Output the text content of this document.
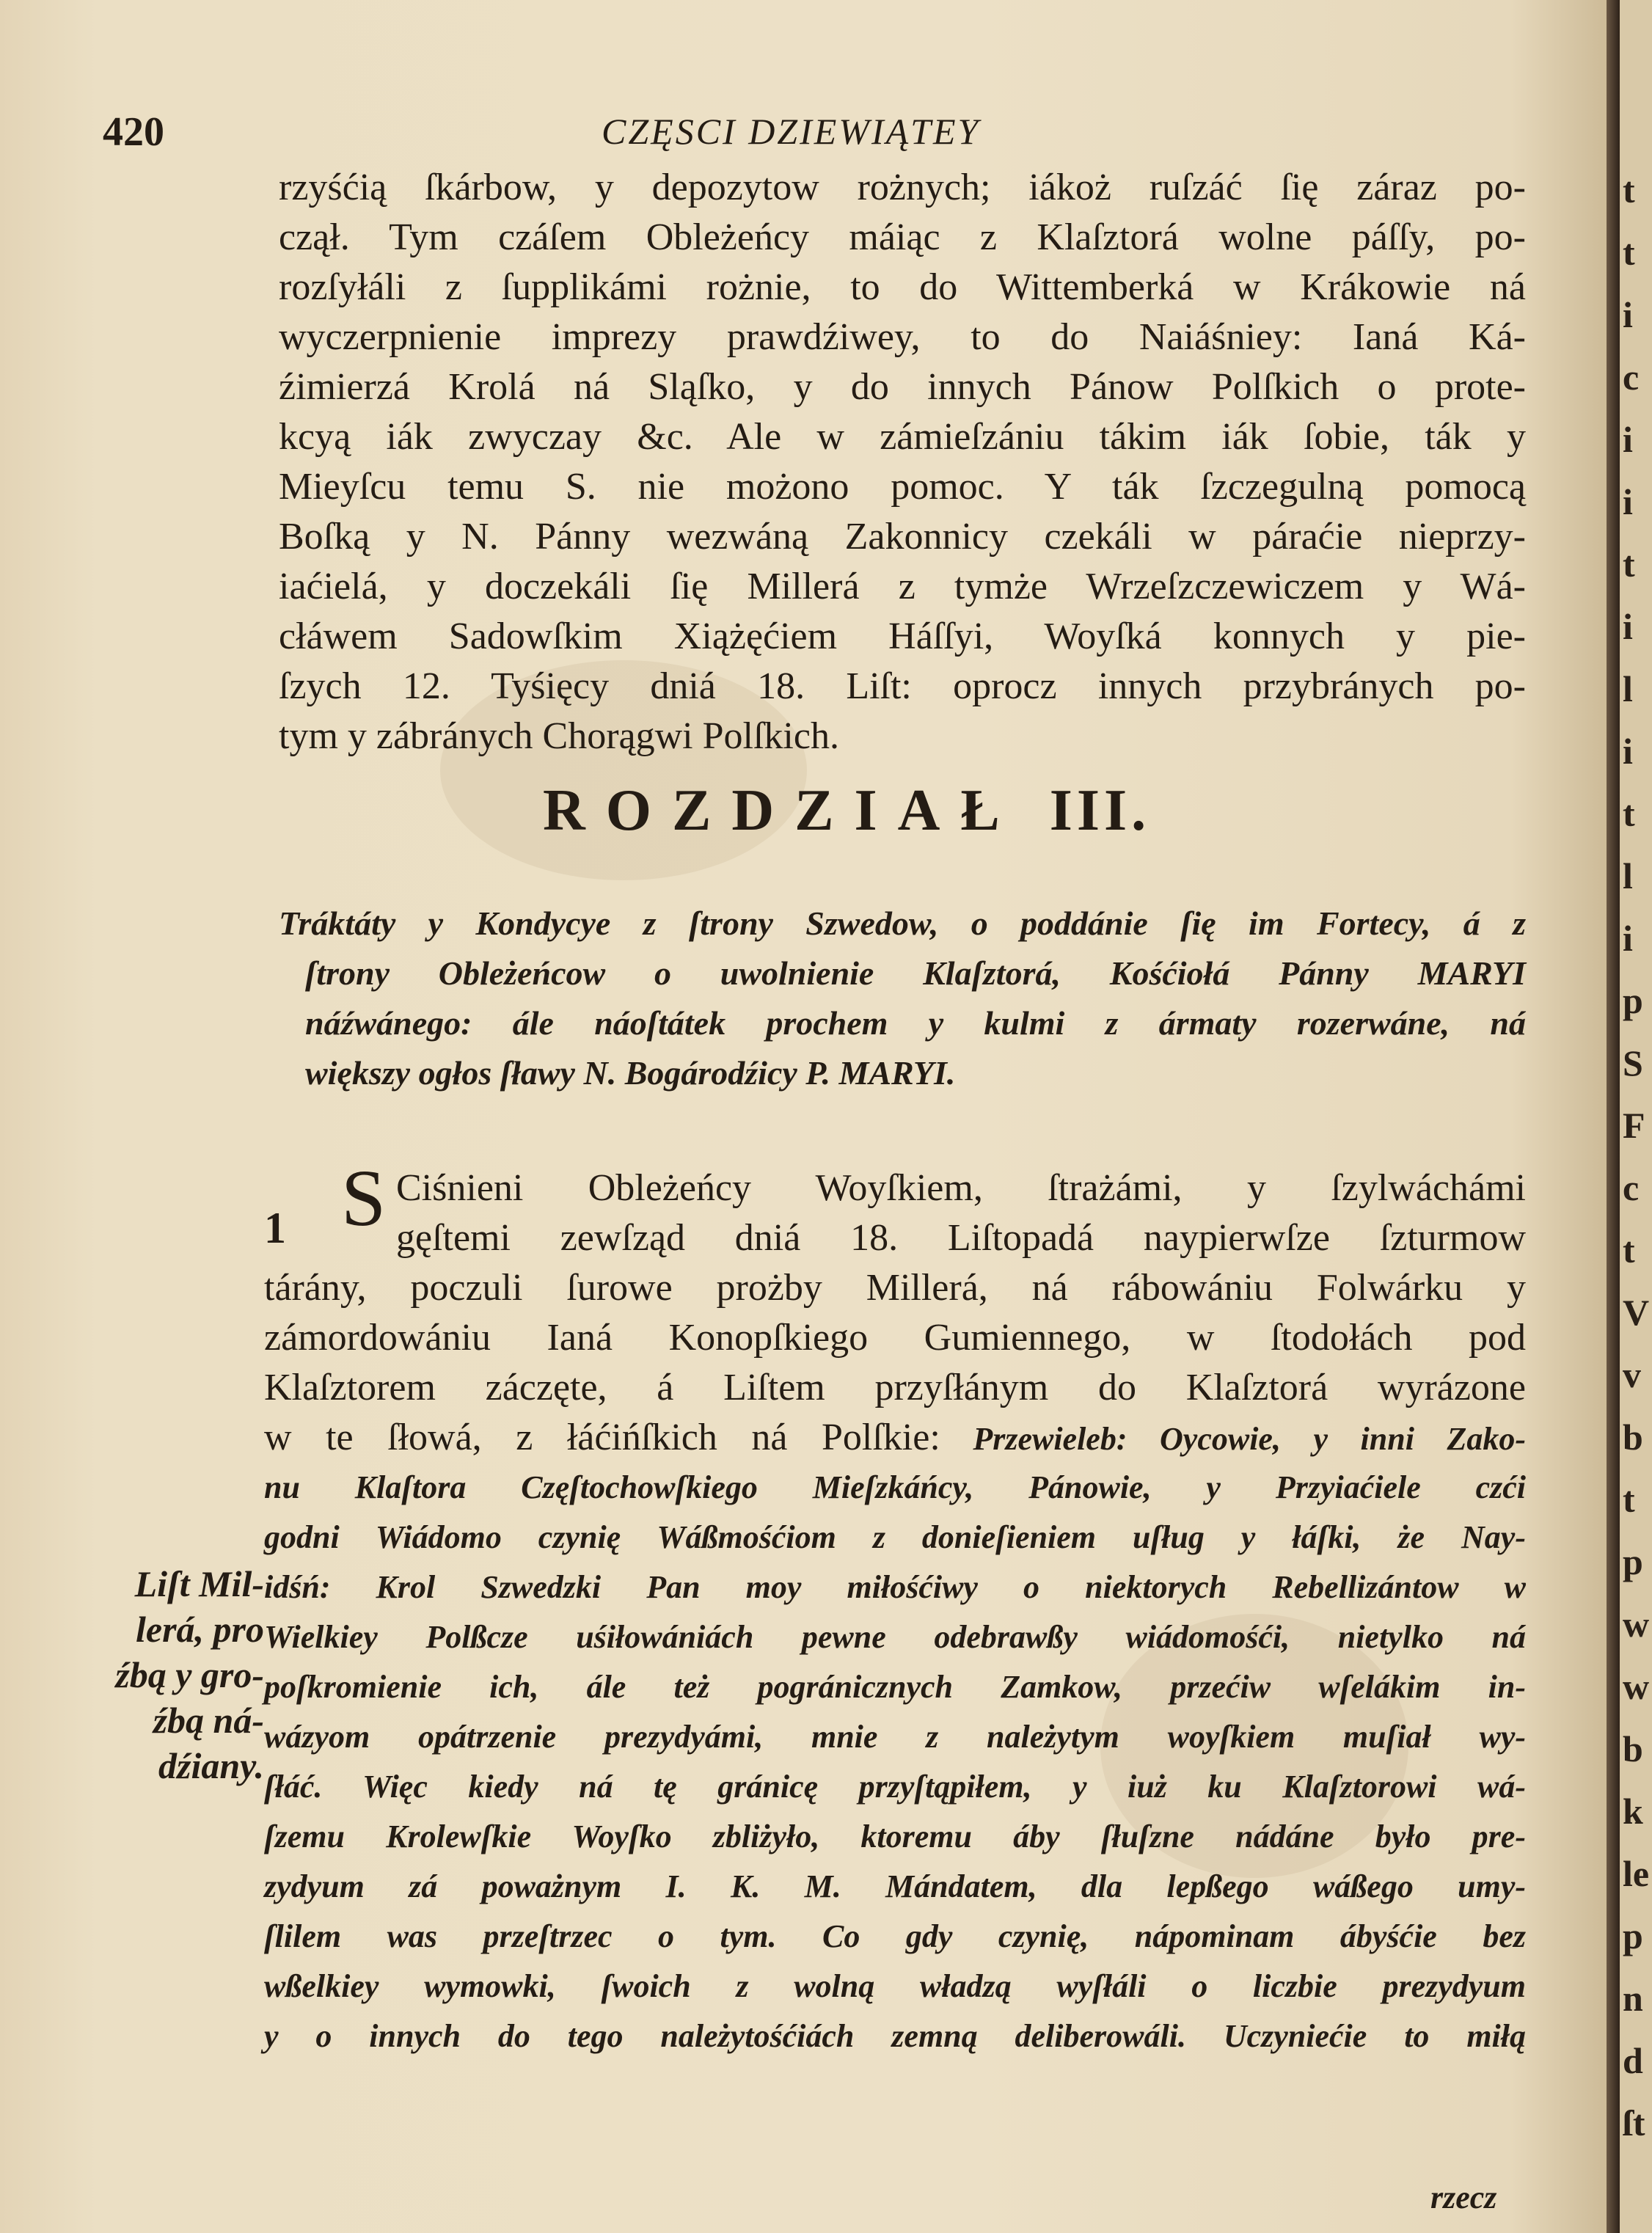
420	CZĘSCI DZIEWIĄTEY
rzyśćią ſkárbow, y depozytow rożnych; iákoż ruſzáć ſię záraz po-
czął. Tym czáſem Obleżeńcy máiąc z Klaſztorá wolne páſſy, po-
rozſyłáli z ſupplikámi rożnie, to do Wittemberká w Krákowie ná
wyczerpnienie imprezy prawdźiwey, to do Naiáśniey: Ianá Ká-
źimierzá Krolá ná Sląſko, y do innych Pánow Polſkich o prote-
kcyą iák zwyczay &c. Ale w zámieſzániu tákim iák ſobie, ták y
Mieyſcu temu S. nie możono pomoc. Y ták ſzczegulną pomocą
Boſką y N. Pánny wezwáną Zakonnicy czekáli w páraćie nieprzy-
iaćielá, y doczekáli ſię Millerá z tymże Wrzeſzczewiczem y Wá-
cłáwem Sadowſkim Xiążęćiem Háſſyi, Woyſká konnych y pie-
ſzych 12. Tyśięcy dniá 18. Liſt: oprocz innych przybránych po-
tym y zábránych Chorągwi Polſkich.
ROZDZIAŁ III.
Tráktáty y Kondycye z ſtrony Szwedow, o poddánie ſię im Fortecy, á z
ſtrony Obleżeńcow o uwolnienie Klaſztorá, Kośćiołá Pánny MARYI
náźwánego: ále náoſtátek prochem y kulmi z ármaty rozerwáne, ná
większy ogłos ſławy N. Bogárodźicy P. MARYI.
1 S Ciśnieni Obleżeńcy Woyſkiem, ſtrażámi, y ſzylwáchámi
gęſtemi zewſząd dniá 18. Liſtopadá naypierwſze ſzturmow
tárány, poczuli ſurowe prożby Millerá, ná rábowániu Folwárku y
zámordowániu Ianá Konopſkiego Gumiennego, w ſtodołách pod
Klaſztorem záczęte, á Liſtem przyſłánym do Klaſztorá wyrázone
w te ſłowá, z łáćińſkich ná Polſkie: Przewieleb: Oycowie, y inni Zako-
nu Klaſtora Częſtochowſkiego Mieſzkáńcy, Pánowie, y Przyiaćiele czći
godni Wiádomo czynię Wáßmośćiom z donieſieniem uſług y łáſki, że Nay-
idśń: Krol Szwedzki Pan moy miłośćiwy o niektorych Rebellizántow w
Wielkiey Polßcze uśiłowániách pewne odebrawßy wiádomośći, nietylko ná
poſkromienie ich, ále też pogránicznych Zamkow, przećiw wſelákim in-
wázyom opátrzenie prezydyámi, mnie z należytym woyſkiem muſiał wy-
ſłáć. Więc kiedy ná tę gránicę przyſtąpiłem, y iuż ku Klaſztorowi wá-
ſzemu Krolewſkie Woyſko zbliżyło, ktoremu áby ſłuſzne nádáne było pre-
zydyum zá poważnym I. K. M. Mándatem, dla lepßego wáßego umy-
ſlilem was przeſtrzec o tym. Co gdy czynię, nápominam ábyśćie bez
wßelkiey wymowki, ſwoich z wolną władzą wyſłáli o liczbie prezydyum
y o innych do tego należytośćiách zemną deliberowáli. Uczyniećie to miłą
Liſt Mil-
lerá, pro
źbą y gro-
źbą ná-
dźiany.
rzecz
t
t
i
c
i
i
t
i
l
i
t
l
i
p
S
F
c
t
V
v
b
t
p
w
w
b
k
le
p
n
d
ſt
